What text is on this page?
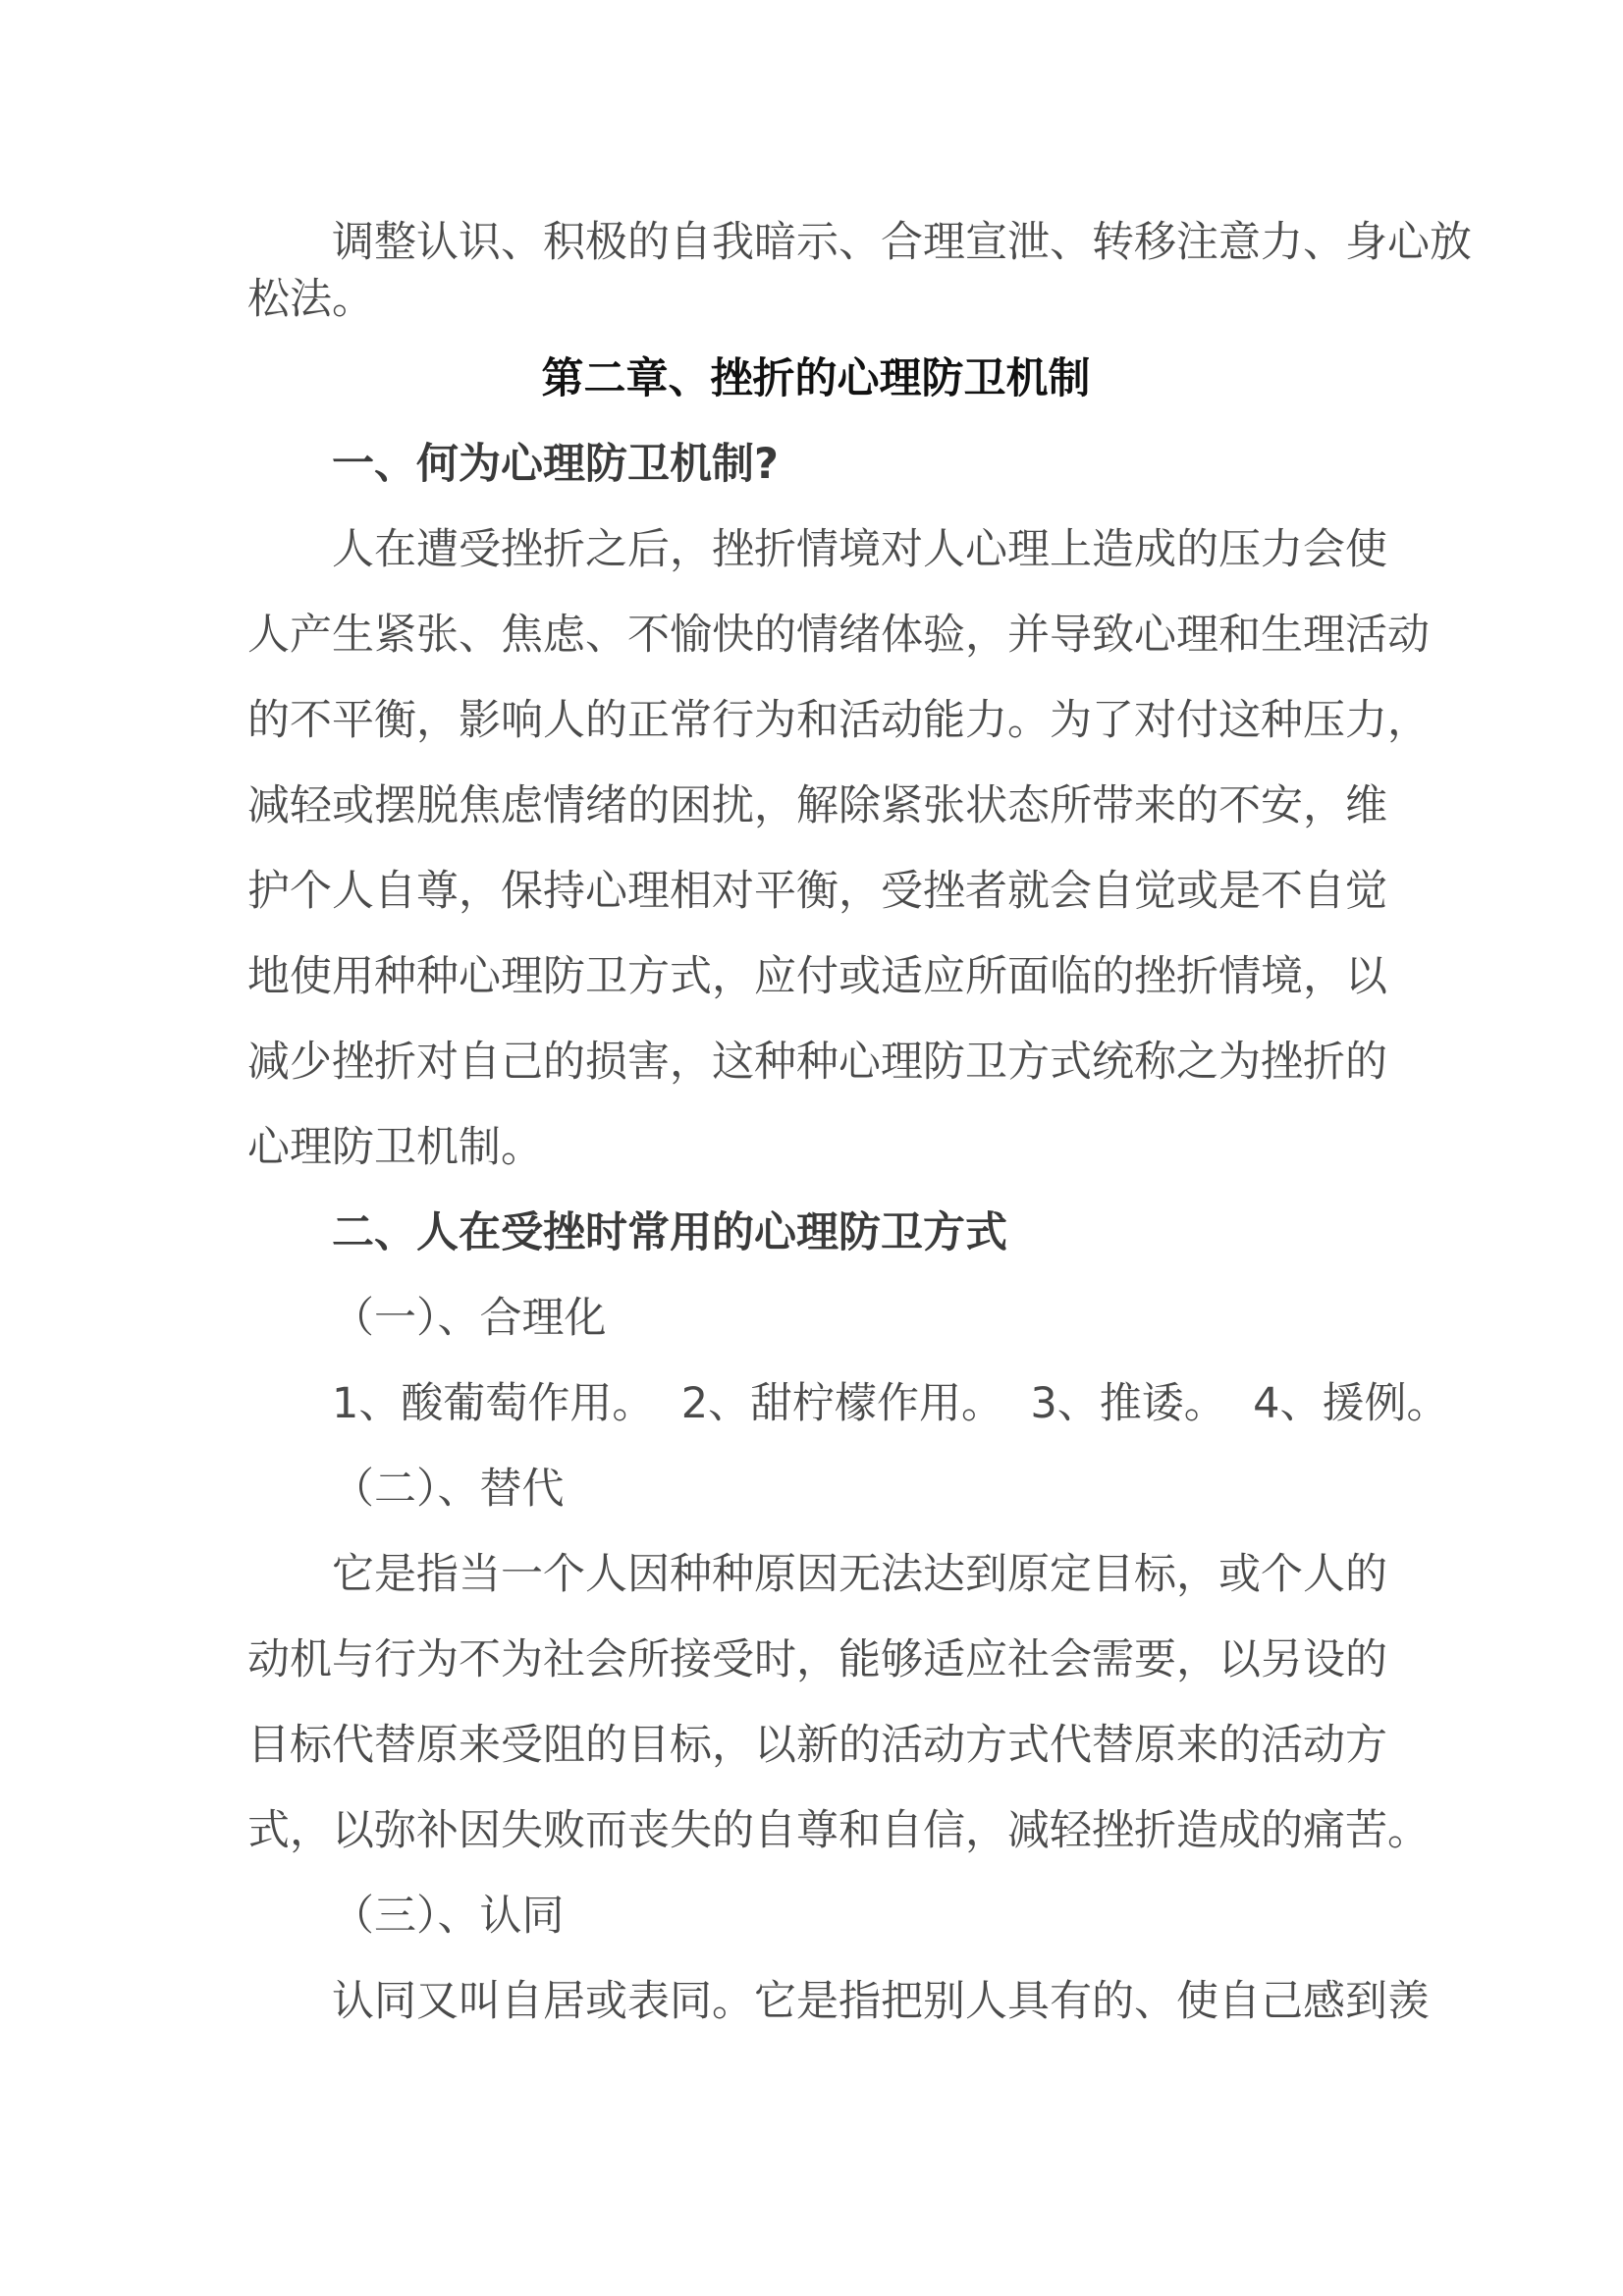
调整认识、积极的自我暗示、合理宣泄、转移注意力、身心放
松法。
第二章、挫折的心理防卫机制
一、何为心理防卫机制?
人在遭受挫折之后，挫折情境对人心理上造成的压力会使
人产生紧张、焦虑、不愉快的情绪体验，并导致心理和生理活动
的不平衡，影响人的正常行为和活动能力。为了对付这种压力，
减轻或摆脱焦虑情绪的困扰，解除紧张状态所带来的不安，维
护个人自尊，保持心理相对平衡，受挫者就会自觉或是不自觉
地使用种种心理防卫方式，应付或适应所面临的挫折情境，以
减少挫折对自己的损害，这种种心理防卫方式统称之为挫折的
心理防卫机制。
二、人在受挫时常用的心理防卫方式
（一）、合理化
1、酸葡萄作用。  2、甜柠檬作用。  3、推诿。  4、援例。
（二）、替代
它是指当一个人因种种原因无法达到原定目标，或个人的
动机与行为不为社会所接受时，能够适应社会需要，以另设的
目标代替原来受阻的目标，以新的活动方式代替原来的活动方
式，以弥补因失败而丧失的自尊和自信，减轻挫折造成的痛苦。
（三）、认同
认同又叫自居或表同。它是指把别人具有的、使自己感到羡
